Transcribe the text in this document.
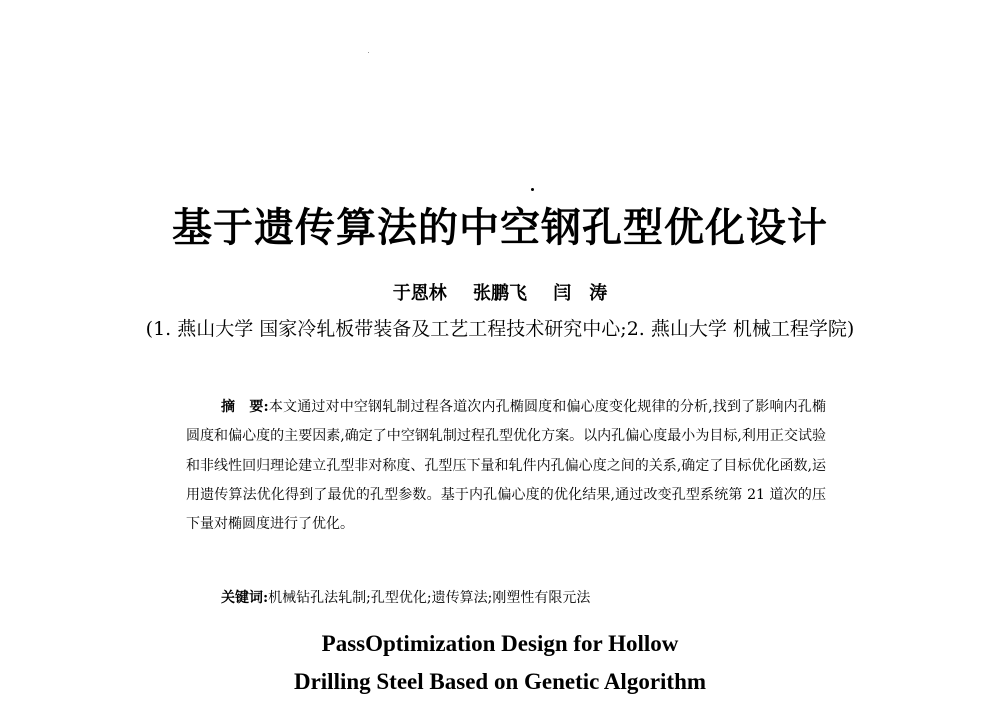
基于遗传算法的中空钢孔型优化设计
于恩林 张鹏飞 闫　涛
(1. 燕山大学 国家冷轧板带装备及工艺工程技术研究中心;2. 燕山大学 机械工程学院)
摘　要:本文通过对中空钢轧制过程各道次内孔椭圆度和偏心度变化规律的分析,找到了影响内孔椭圆度和偏心度的主要因素,确定了中空钢轧制过程孔型优化方案。以内孔偏心度最小为目标,利用正交试验和非线性回归理论建立孔型非对称度、孔型压下量和轧件内孔偏心度之间的关系,确定了目标优化函数,运用遗传算法优化得到了最优的孔型参数。基于内孔偏心度的优化结果,通过改变孔型系统第 21 道次的压下量对椭圆度进行了优化。
关键词:机械钻孔法轧制;孔型优化;遗传算法;刚塑性有限元法
PassOptimization Design for Hollow
Drilling Steel Based on Genetic Algorithm
